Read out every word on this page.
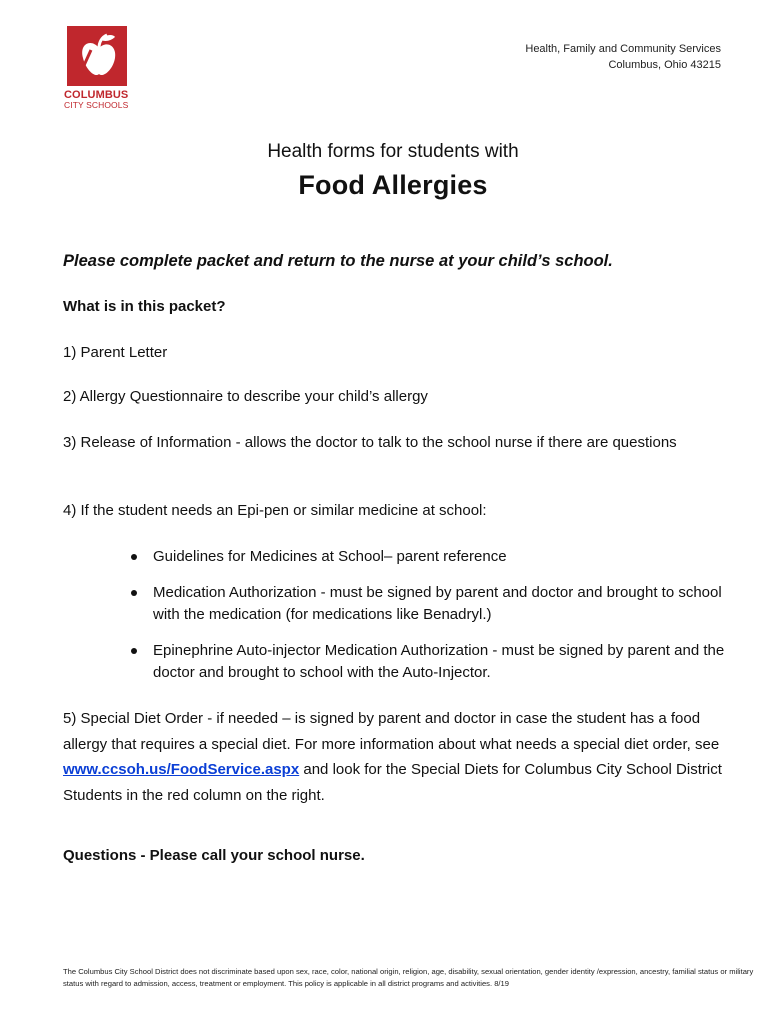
COLUMBUS
CITY SCHOOLS
Health, Family and Community Services
Columbus, Ohio 43215
Health forms for students with
Food Allergies
Please complete packet and return to the nurse at your child’s school.
What is in this packet?
1) Parent Letter
2) Allergy Questionnaire to describe your child’s allergy
3) Release of Information - allows the doctor to talk to the school nurse if there are questions
4) If the student needs an Epi-pen or similar medicine at school:
Guidelines for Medicines at School– parent reference
Medication Authorization - must be signed by parent and doctor and brought to school with the medication (for medications like Benadryl.)
Epinephrine Auto-injector Medication Authorization - must be signed by parent and the doctor and brought to school with the Auto-Injector.
5) Special Diet Order - if needed – is signed by parent and doctor in case the student has a food allergy that requires a special diet. For more information about what needs a special diet order, see www.ccsoh.us/FoodService.aspx and look for the Special Diets for Columbus City School District Students in the red column on the right.
Questions - Please call your school nurse.
The Columbus City School District does not discriminate based upon sex, race, color, national origin, religion, age, disability, sexual orientation, gender identity /expression, ancestry, familial status or military status with regard to admission, access, treatment or employment. This policy is applicable in all district programs and activities. 8/19
